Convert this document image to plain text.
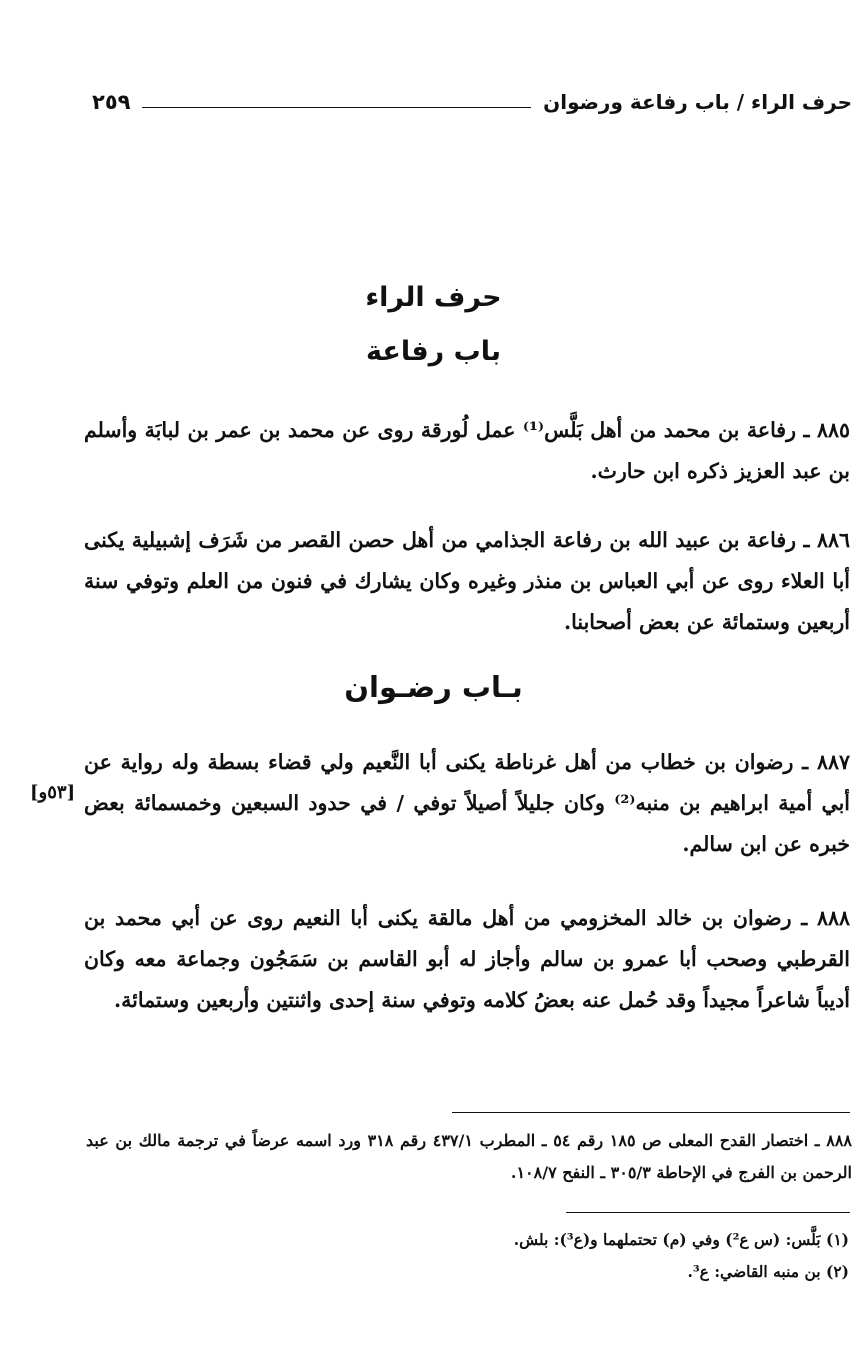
حرف الراء / باب رفاعة ورضوان
٢٥٩
حرف الراء
باب رفاعة
٨٨٥ ـ رفاعة بن محمد من أهل بَلَّس⁽¹⁾ عمل لُورقة روى عن محمد بن عمر بن لبابَة وأسلم بن عبد العزيز ذكره ابن حارث.
٨٨٦ ـ رفاعة بن عبيد الله بن رفاعة الجذامي من أهل حصن القصر من شَرَف إشبيلية يكنى أبا العلاء روى عن أبي العباس بن منذر وغيره وكان يشارك في فنون من العلم وتوفي سنة أربعين وستمائة عن بعض أصحابنا.
بـاب رضـوان
٨٨٧ ـ رضوان بن خطاب من أهل غرناطة يكنى أبا النَّعيم ولي قضاء بسطة وله رواية عن أبي أمية ابراهيم بن منبه⁽²⁾ وكان جليلاً أصيلاً توفي / في حدود السبعين وخمسمائة بعض خبره عن ابن سالم.
[٥٣و]
٨٨٨ ـ رضوان بن خالد المخزومي من أهل مالقة يكنى أبا النعيم روى عن أبي محمد بن القرطبي وصحب أبا عمرو بن سالم وأجاز له أبو القاسم بن سَمَجُون وجماعة معه وكان أديباً شاعراً مجيداً وقد حُمل عنه بعضُ كلامه وتوفي سنة إحدى واثنتين وأربعين وستمائة.
٨٨٨ ـ اختصار القدح المعلى ص ١٨٥ رقم ٥٤ ـ المطرب ٤٣٧/١ رقم ٣١٨ ورد اسمه عرضاً في ترجمة مالك بن عبد الرحمن بن الفرج في الإحاطة ٣٠٥/٣ ـ النفح ١٠٨/٧.
(١) بَلَّس: (س ع²) وفي (م) تحتملهما و(ع³): بلش.
(٢) بن منبه القاضي: ع³.
